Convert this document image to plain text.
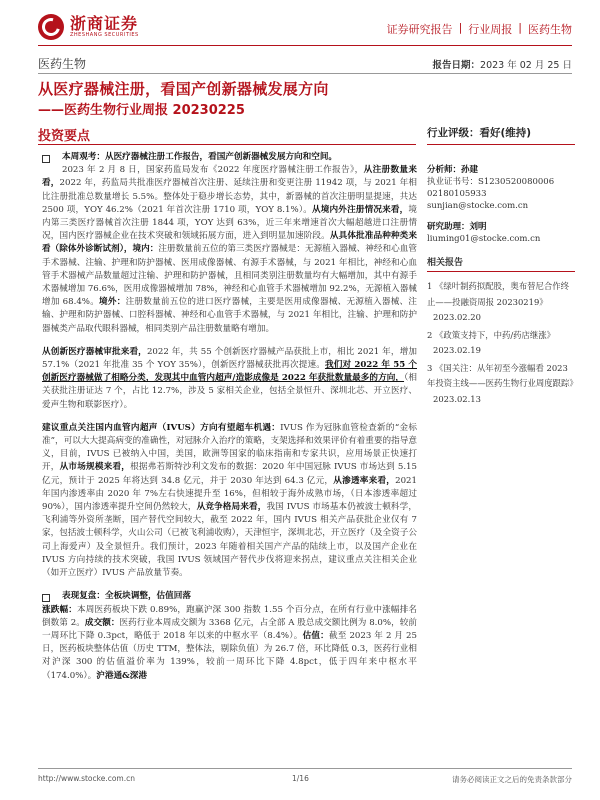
浙商证券
ZHESHANG SECURITIES	证券研究报告 | 行业周报 | 医药生物
医药生物	报告日期：2023 年 02 月 25 日
从医疗器械注册，看国产创新器械发展方向
——医药生物行业周报 20230225
投资要点

本周观考：从医疗器械注册工作报告，看国产创新器械发展方向和空间。
2023 年 2 月 8 日，国家药监局发布《2022 年度医疗器械注册工作报告》，从注册数量来看，2022 年，药监局共批准医疗器械首次注册、延续注册和变更注册 11942 项，与 2021 年相比注册批准总数量增长 5.5%。整体处于稳步增长态势，其中，新器械的首次注册明显提速，共达 2500 项，YOY 46.2%（2021 年首次注册 1710 项，YOY 8.1%）。从境内外注册情况来看，境内第三类医疗器械首次注册 1844 项，YOY 达到 63%，近三年来增速首次大幅超越进口注册情况，国内医疗器械企业在技术突破和领域拓展方面，进入到明显加速阶段。从具体批准品种种类来看（除体外诊断试剂），境内：注册数量前五位的第三类医疗器械是：无源植入器械、神经和心血管手术器械、注输、护理和防护器械、医用成像器械、有源手术器械，与 2021 年相比，神经和心血管手术器械产品数量超过注输、护理和防护器械，且相同类别注册数量均有大幅增加，其中有源手术器械增加 76.6%，医用成像器械增加 78%，神经和心血管手术器械增加 92.2%，无源植入器械增加 68.4%。境外：注册数量前五位的进口医疗器械，主要是医用成像器械、无源植入器械、注输、护理和防护器械、口腔科器械、神经和心血管手术器械，与 2021 年相比，注输、护理和防护器械类产品取代眼科器械，相同类别产品注册数量略有增加。

从创新医疗器械审批来看，2022 年，共 55 个创新医疗器械产品获批上市，相比 2021 年，增加 57.1%（2021 年批准 35 个 YOY 35%），创新医疗器械获批再次提速。我们对 2022 年 55 个创新医疗器械做了相略分类，发现其中血管内超声/造影成像是 2022 年获批数量最多的方向，（相关获批注册证达 7 个，占比 12.7%，涉及 5 家相关企业，包括全景恒升、深圳北芯、开立医疗、爱声生物和联影医疗）。

建议重点关注国内血管内超声（IVUS）方向有望超车机遇：IVUS 作为冠脉血管检查新的“金标准”，可以大大提高病变的准确性，对冠脉介入治疗的策略，支架选择和效果评价有着重要的指导意义，目前，IVUS 已被纳入中国，美国，欧洲等国家的临床指南和专家共识，应用场景正快速打开，从市场规模来看，根据弗若斯特沙利文发布的数据：2020 年中国冠脉 IVUS 市场达到 5.15 亿元，预计于 2025 年将达到 34.8 亿元，并于 2030 年达到 64.3 亿元，从渗透率来看，2021 年国内渗透率由 2020 年 7%左右快速提升至 16%，但相较于海外成熟市场，（日本渗透率超过 90%），国内渗透率提升空间仍然较大，从竞争格局来看，我国 IVUS 市场基本仍被波士顿科学，飞利浦等外资所垄断，国产替代空间较大，截至 2022 年，国内 IVUS 相关产品获批企业仅有 7 家，包括波士顿科学，火山公司（已被飞利浦收购），天津恒宇，深圳北芯，开立医疗（及全资子公司上海爱声）及全景恒升。我们预计，2023 年随着相关国产产品的陆续上市，以及国产企业在 IVUS 方向持续的技术突破，我国 IVUS 领域国产替代步伐将迎来拐点，建议重点关注相关企业（如开立医疗）IVUS 产品放量节奏。

表现复盘：全板块调整，估值回落
涨跌幅：本周医药板块下跌 0.89%，跑赢沪深 300 指数 1.55 个百分点，在所有行业中涨幅排名倒数第 2。成交额：医药行业本周成交额为 3368 亿元，占全部 A 股总成交额比例为 8.0%，较前一周环比下降 0.3pct，略低于 2018 年以来的中枢水平（8.4%）。估值：截至 2023 年 2 月 25 日，医药板块整体估值（历史 TTM，整体法，剔除负值）为 26.7 倍，环比降低 0.3，医药行业相对沪深 300 的估值溢价率为 139%，较前一周环比下降 4.8pct，低于四年来中枢水平（174.0%）。沪港通&深港

行业评级：看好(维持)
分析师：孙建
执业证书号：S1230520080006
02180105933
sunjian@stocke.com.cn
研究助理：刘明
liuming01@stocke.com.cn
相关报告
1 《绿叶制药拟配股，奥布替尼合作终止——投融资周报 20230219》2023.02.20
2 《政策支持下，中药/药店继涨》2023.02.19
3 《国关注：从年初至今涨幅看 2023 年投资主线——医药生物行业周度跟踪》2023.02.13
http://www.stocke.com.cn	1/16	请务必阅读正文之后的免责条款部分
